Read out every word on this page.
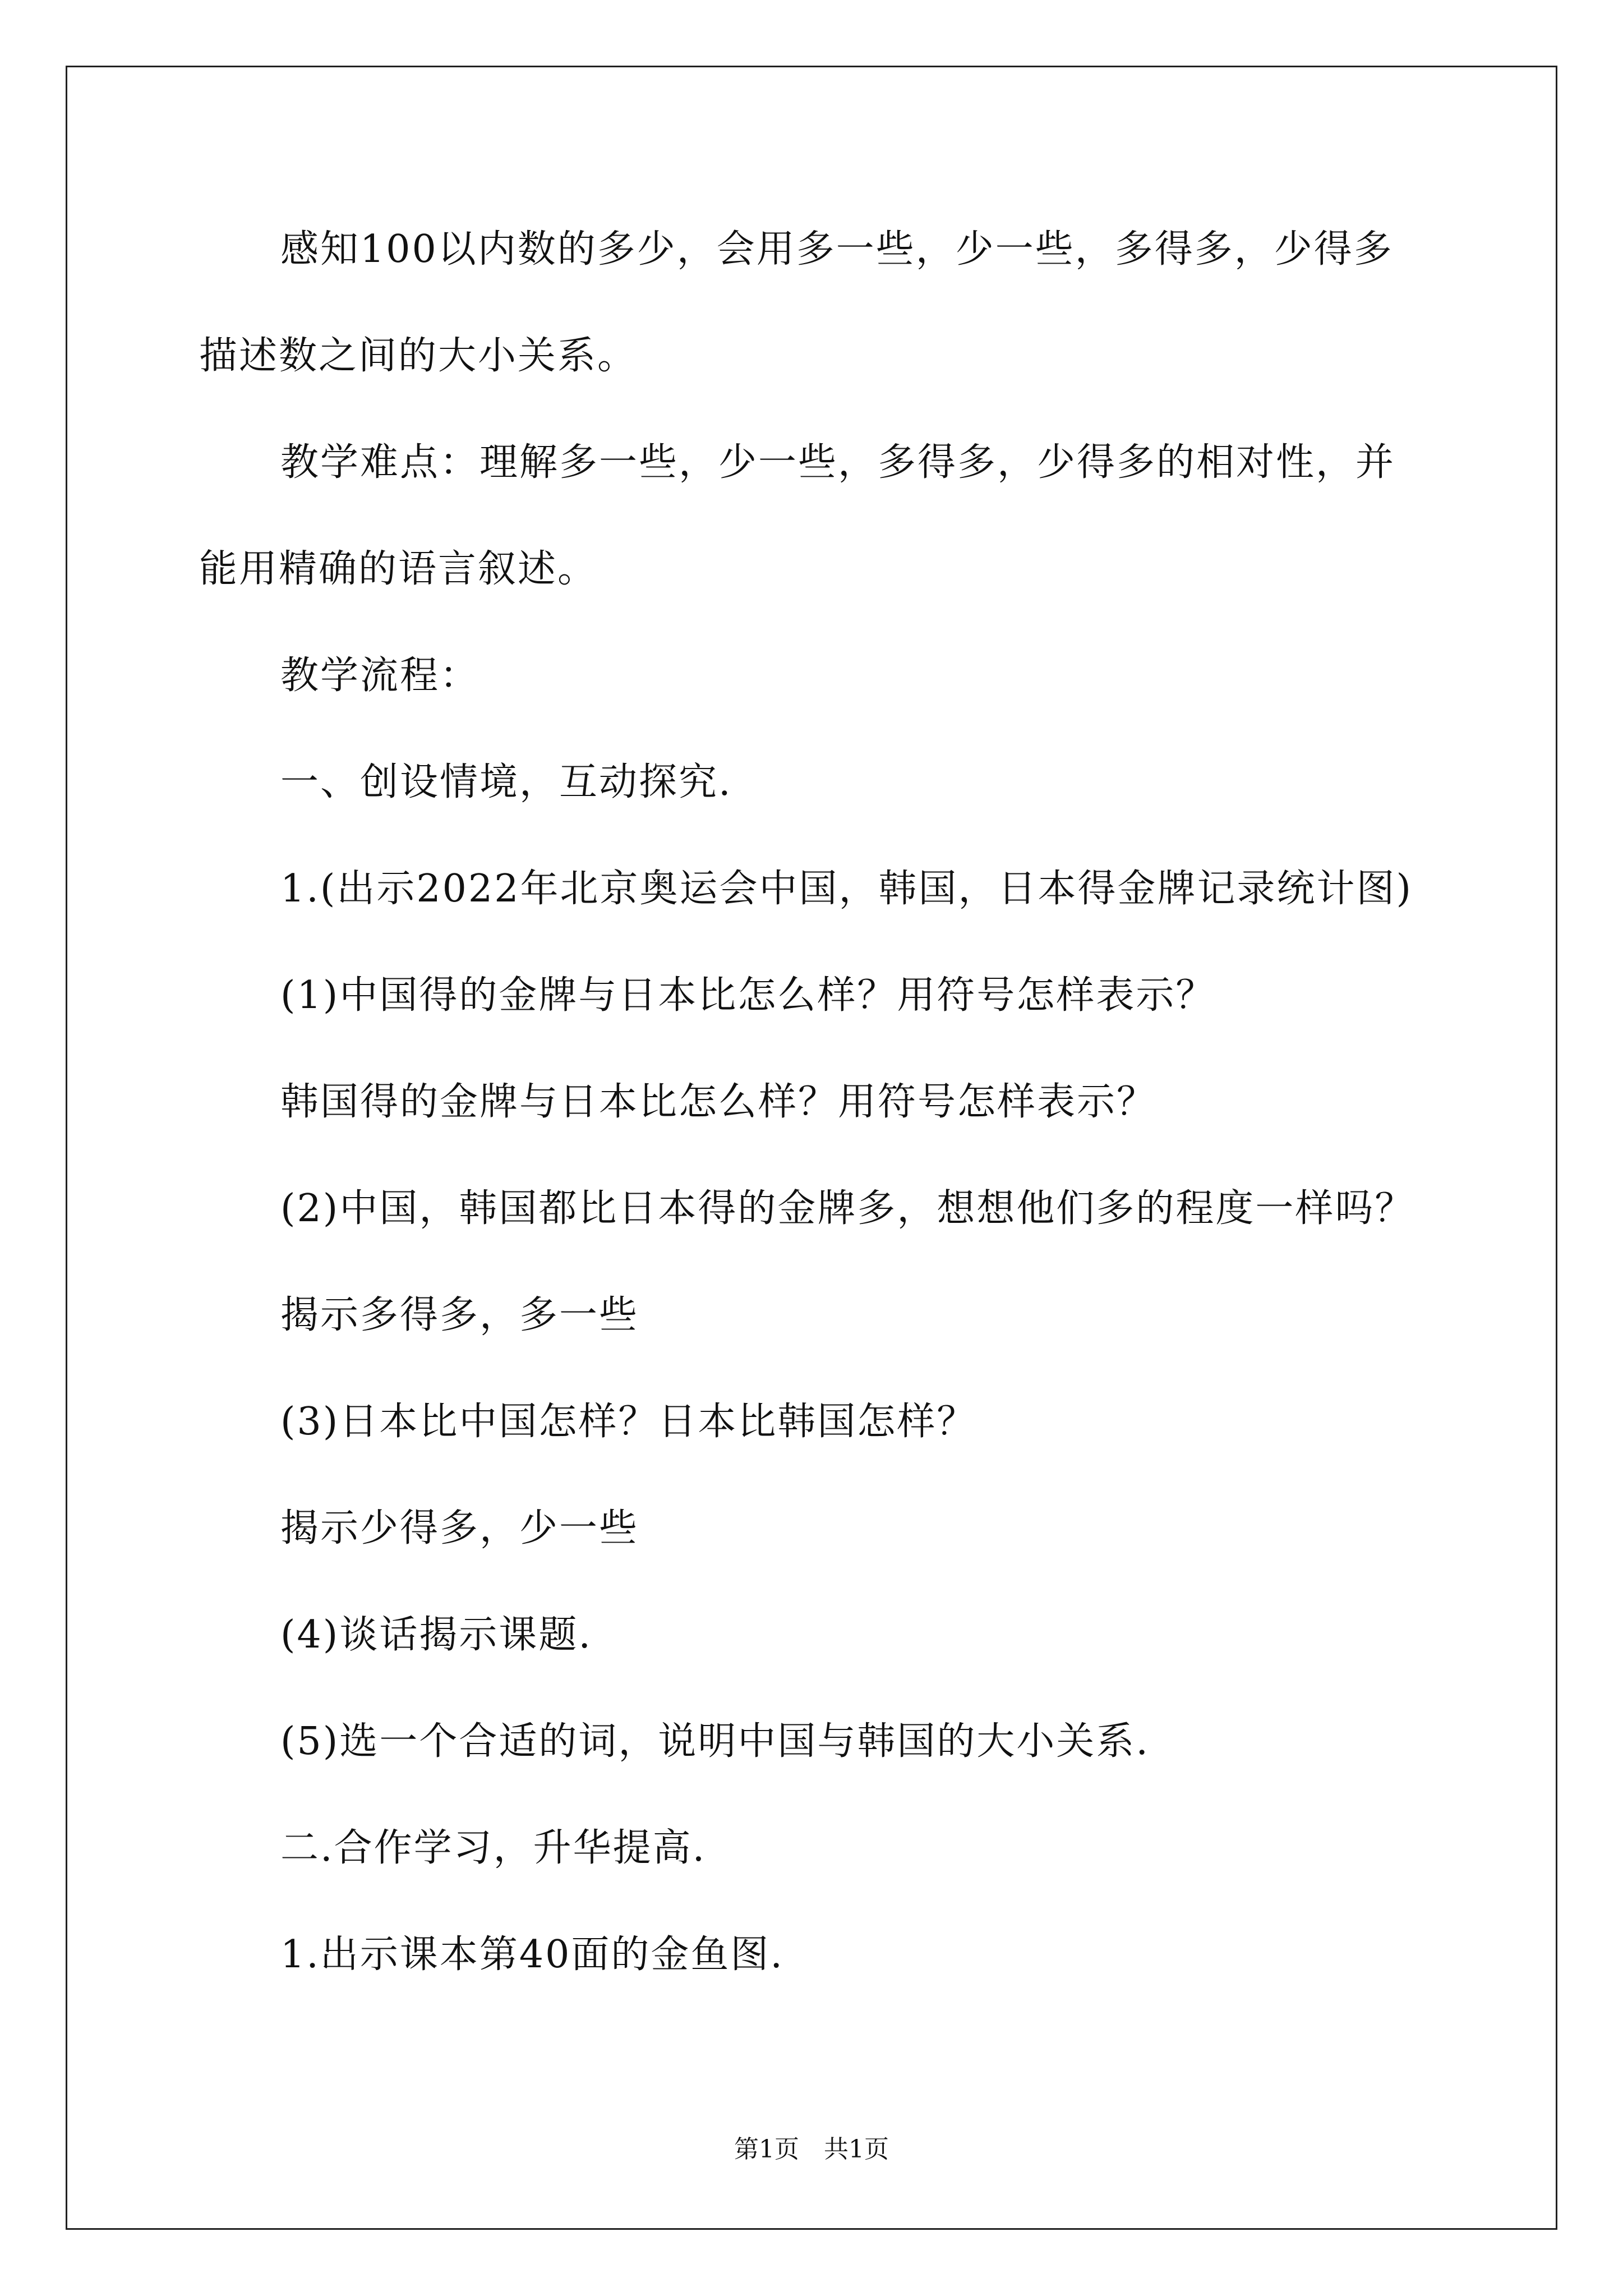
感知100以内数的多少，会用多一些，少一些，多得多，少得多
描述数之间的大小关系。
教学难点：理解多一些，少一些，多得多，少得多的相对性，并
能用精确的语言叙述。
教学流程：
一、创设情境，互动探究.
1.(出示2022年北京奥运会中国，韩国，日本得金牌记录统计图)
(1)中国得的金牌与日本比怎么样？用符号怎样表示？
韩国得的金牌与日本比怎么样？用符号怎样表示？
(2)中国，韩国都比日本得的金牌多，想想他们多的程度一样吗？
揭示多得多，多一些
(3)日本比中国怎样？日本比韩国怎样？
揭示少得多，少一些
(4)谈话揭示课题.
(5)选一个合适的词，说明中国与韩国的大小关系.
二.合作学习，升华提高.
1.出示课本第40面的金鱼图.
第1页　共1页
